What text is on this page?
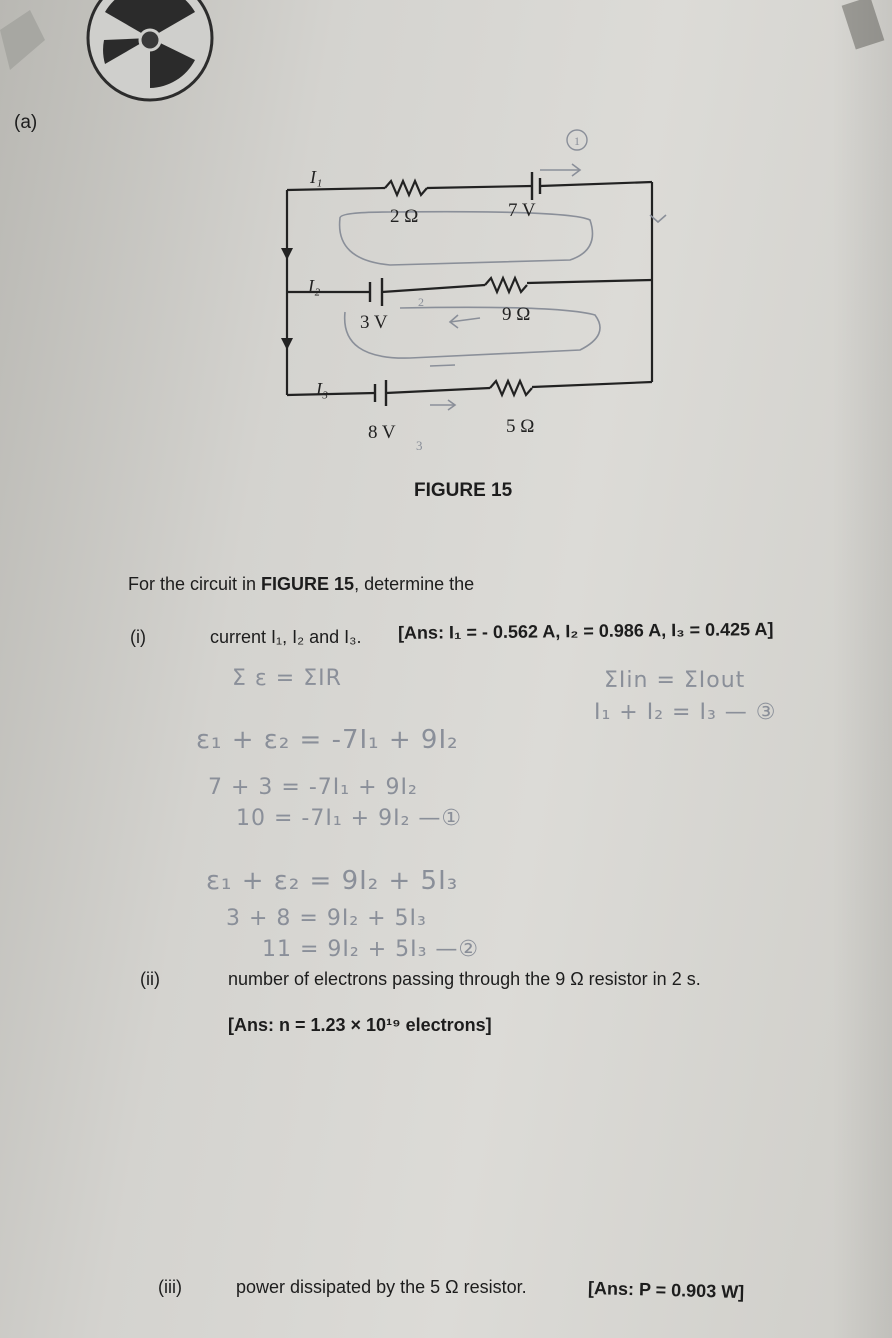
(a)
1
2
3
I₁
2 Ω	7 V
I₂
3 V	9 Ω
I₃
8 V	5 Ω
FIGURE 15
For the circuit in FIGURE 15, determine the
(i)	current I₁, I₂ and I₃. [Ans: I₁ = - 0.562 A, I₂ = 0.986 A, I₃ = 0.425 A]
Σ ε = ΣIR	ΣIin = ΣIout
I₁ + I₂ = I₃ — ③
ε₁ + ε₂ = -7I₁ + 9I₂
7 + 3 = -7I₁ + 9I₂
10 = -7I₁ + 9I₂ —①
ε₁ + ε₂ = 9I₂ + 5I₃
3 + 8 = 9I₂ + 5I₃
11 = 9I₂ + 5I₃ —②
(ii)	number of electrons passing through the 9 Ω resistor in 2 s.
[Ans: n = 1.23 × 10¹⁹ electrons]
(iii)	power dissipated by the 5 Ω resistor.	[Ans: P = 0.903 W]
